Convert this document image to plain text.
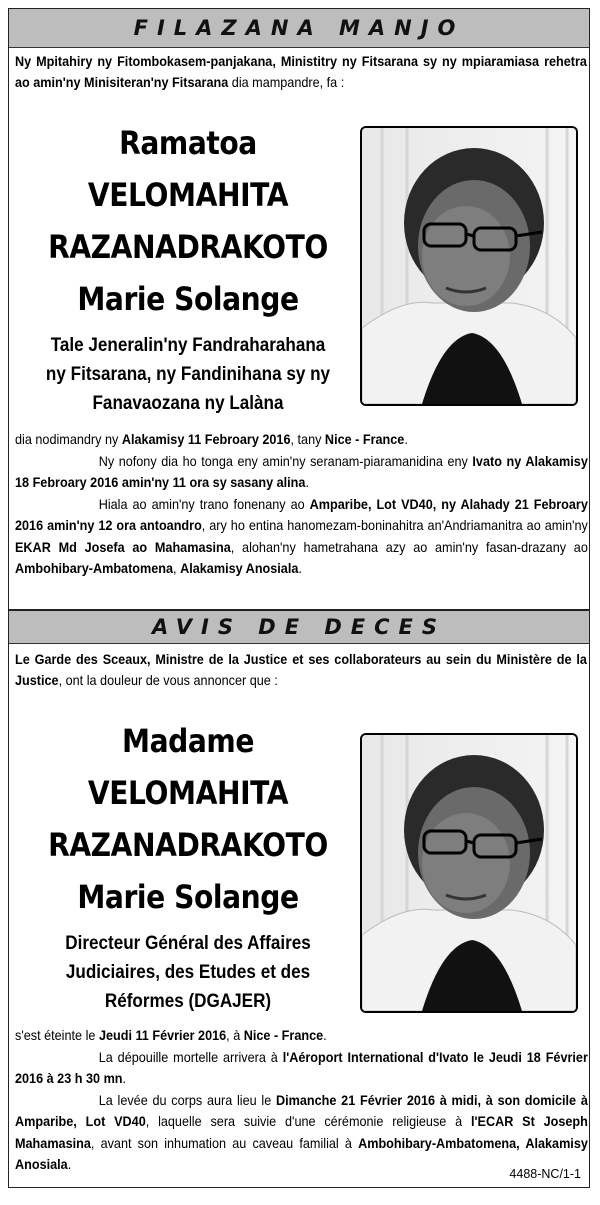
FILAZANA MANJO
Ny Mpitahiry ny Fitombokasem-panjakana, Ministitry ny Fitsarana sy ny mpiaramiasa rehetra ao amin'ny Minisiteran'ny Fitsarana dia mampandre, fa :
Ramatoa
VELOMAHITA
RAZANADRAKOTO
Marie Solange
Tale Jeneralin'ny Fandraharahana
ny Fitsarana, ny Fandinihana sy ny
Fanavaozana ny Lalàna

dia nodimandry ny Alakamisy 11 Febroary 2016, tany Nice - France.

Ny nofony dia ho tonga eny amin'ny seranam-piaramanidina eny Ivato ny Alakamisy 18 Febroary 2016 amin'ny 11 ora sy sasany alina.

Hiala ao amin'ny trano fonenany ao Amparibe, Lot VD40, ny Alahady 21 Febroary 2016 amin'ny 12 ora antoandro, ary ho entina hanomezam-boninahitra an'Andriamanitra ao amin'ny EKAR Md Josefa ao Mahamasina, alohan'ny hametrahana azy ao amin'ny fasan-drazany ao Ambohibary-Ambatomena, Alakamisy Anosiala.

AVIS DE DECES
Le Garde des Sceaux, Ministre de la Justice et ses collaborateurs au sein du Ministère de la Justice, ont la douleur de vous annoncer que :
Madame
VELOMAHITA
RAZANADRAKOTO
Marie Solange
Directeur Général des Affaires
Judiciaires, des Etudes et des
Réformes (DGAJER)

s'est éteinte le Jeudi 11 Février 2016, à Nice - France.

La dépouille mortelle arrivera à l'Aéroport International d'Ivato le Jeudi 18 Février 2016 à 23 h 30 mn.

La levée du corps aura lieu le Dimanche 21 Février 2016 à midi, à son domicile à Amparibe, Lot VD40, laquelle sera suivie d'une cérémonie religieuse à l'ECAR St Joseph Mahamasina, avant son inhumation au caveau familial à Ambohibary-Ambatomena, Alakamisy Anosiala.

4488-NC/1-1
